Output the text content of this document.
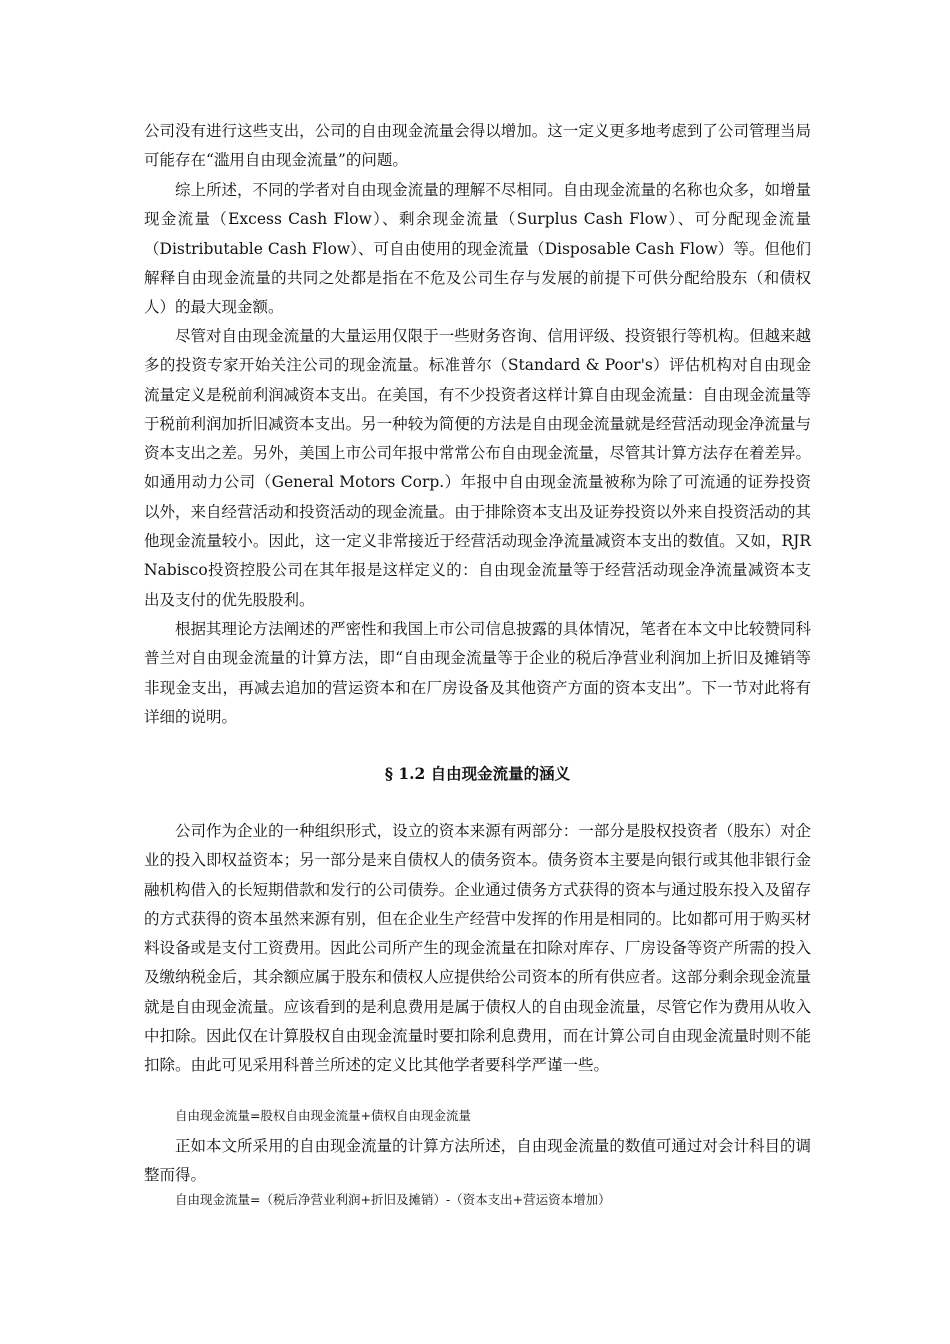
公司没有进行这些支出，公司的自由现金流量会得以增加。这一定义更多地考虑到了公司管理当局可能存在“滥用自由现金流量”的问题。

综上所述，不同的学者对自由现金流量的理解不尽相同。自由现金流量的名称也众多，如增量现金流量（Excess Cash Flow）、剩余现金流量（Surplus Cash Flow）、可分配现金流量（Distributable Cash Flow）、可自由使用的现金流量（Disposable Cash Flow）等。但他们解释自由现金流量的共同之处都是指在不危及公司生存与发展的前提下可供分配给股东（和债权人）的最大现金额。

尽管对自由现金流量的大量运用仅限于一些财务咨询、信用评级、投资银行等机构。但越来越多的投资专家开始关注公司的现金流量。标准普尔（Standard & Poor's）评估机构对自由现金流量定义是税前利润减资本支出。在美国，有不少投资者这样计算自由现金流量：自由现金流量等于税前利润加折旧减资本支出。另一种较为简便的方法是自由现金流量就是经营活动现金净流量与资本支出之差。另外，美国上市公司年报中常常公布自由现金流量，尽管其计算方法存在着差异。如通用动力公司（General Motors Corp.）年报中自由现金流量被称为除了可流通的证券投资以外，来自经营活动和投资活动的现金流量。由于排除资本支出及证券投资以外来自投资活动的其他现金流量较小。因此，这一定义非常接近于经营活动现金净流量减资本支出的数值。又如，RJR Nabisco投资控股公司在其年报是这样定义的：自由现金流量等于经营活动现金净流量减资本支出及支付的优先股股利。

根据其理论方法阐述的严密性和我国上市公司信息披露的具体情况，笔者在本文中比较赞同科普兰对自由现金流量的计算方法，即“自由现金流量等于企业的税后净营业利润加上折旧及摊销等非现金支出，再减去追加的营运资本和在厂房设备及其他资产方面的资本支出”。下一节对此将有详细的说明。

§ 1.2 自由现金流量的涵义

公司作为企业的一种组织形式，设立的资本来源有两部分：一部分是股权投资者（股东）对企业的投入即权益资本；另一部分是来自债权人的债务资本。债务资本主要是向银行或其他非银行金融机构借入的长短期借款和发行的公司债券。企业通过债务方式获得的资本与通过股东投入及留存的方式获得的资本虽然来源有别，但在企业生产经营中发挥的作用是相同的。比如都可用于购买材料设备或是支付工资费用。因此公司所产生的现金流量在扣除对库存、厂房设备等资产所需的投入及缴纳税金后，其余额应属于股东和债权人应提供给公司资本的所有供应者。这部分剩余现金流量就是自由现金流量。应该看到的是利息费用是属于债权人的自由现金流量，尽管它作为费用从收入中扣除。因此仅在计算股权自由现金流量时要扣除利息费用，而在计算公司自由现金流量时则不能扣除。由此可见采用科普兰所述的定义比其他学者要科学严谨一些。

自由现金流量=股权自由现金流量+债权自由现金流量

正如本文所采用的自由现金流量的计算方法所述，自由现金流量的数值可通过对会计科目的调整而得。

自由现金流量=（税后净营业利润+折旧及摊销）-（资本支出+营运资本增加）
